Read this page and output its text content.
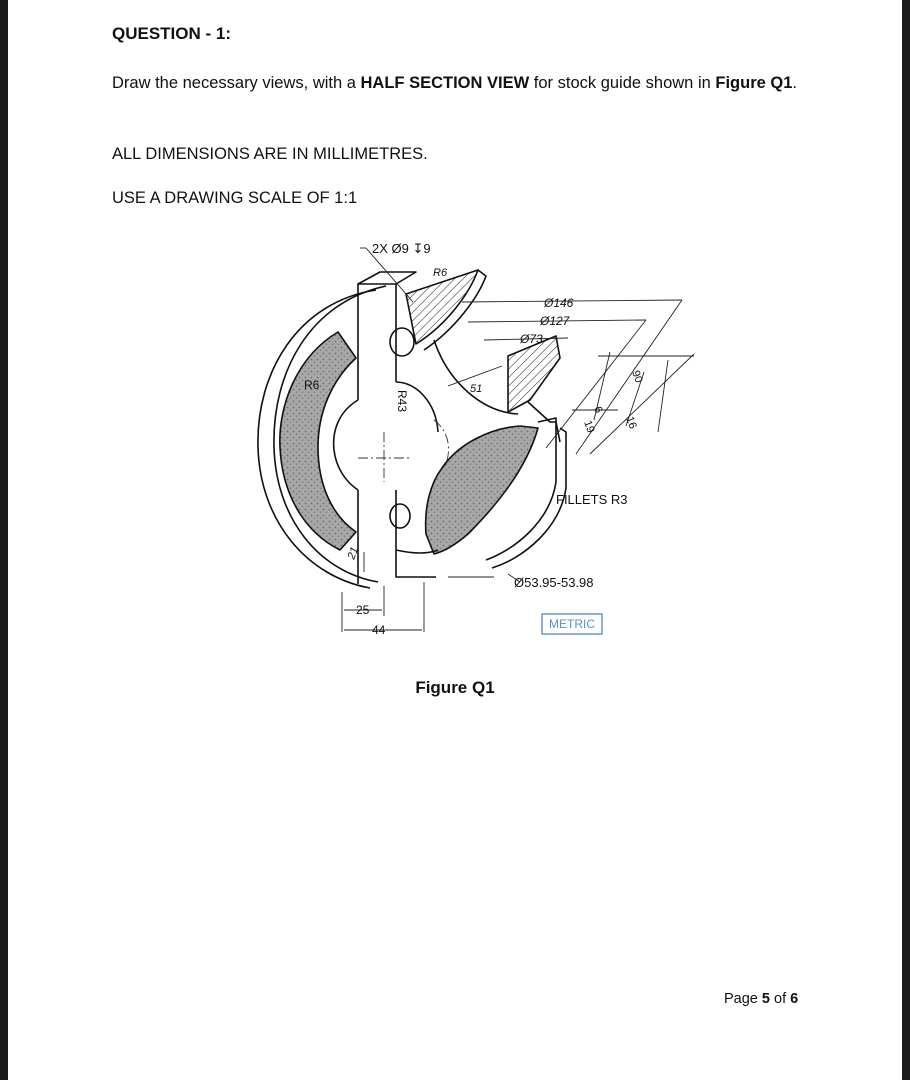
QUESTION - 1:
Draw the necessary views, with a HALF SECTION VIEW for stock guide shown in Figure Q1.
ALL DIMENSIONS ARE IN MILLIMETRES.
USE A DRAWING SCALE OF 1:1
2X Ø9 ↧9
R6
Ø146
Ø127
Ø73
R6
R43
51
6
19 16
90
FILLETS R3
21
Ø53.95-53.98
25
44	METRIC
Figure Q1
Page 5 of 6
